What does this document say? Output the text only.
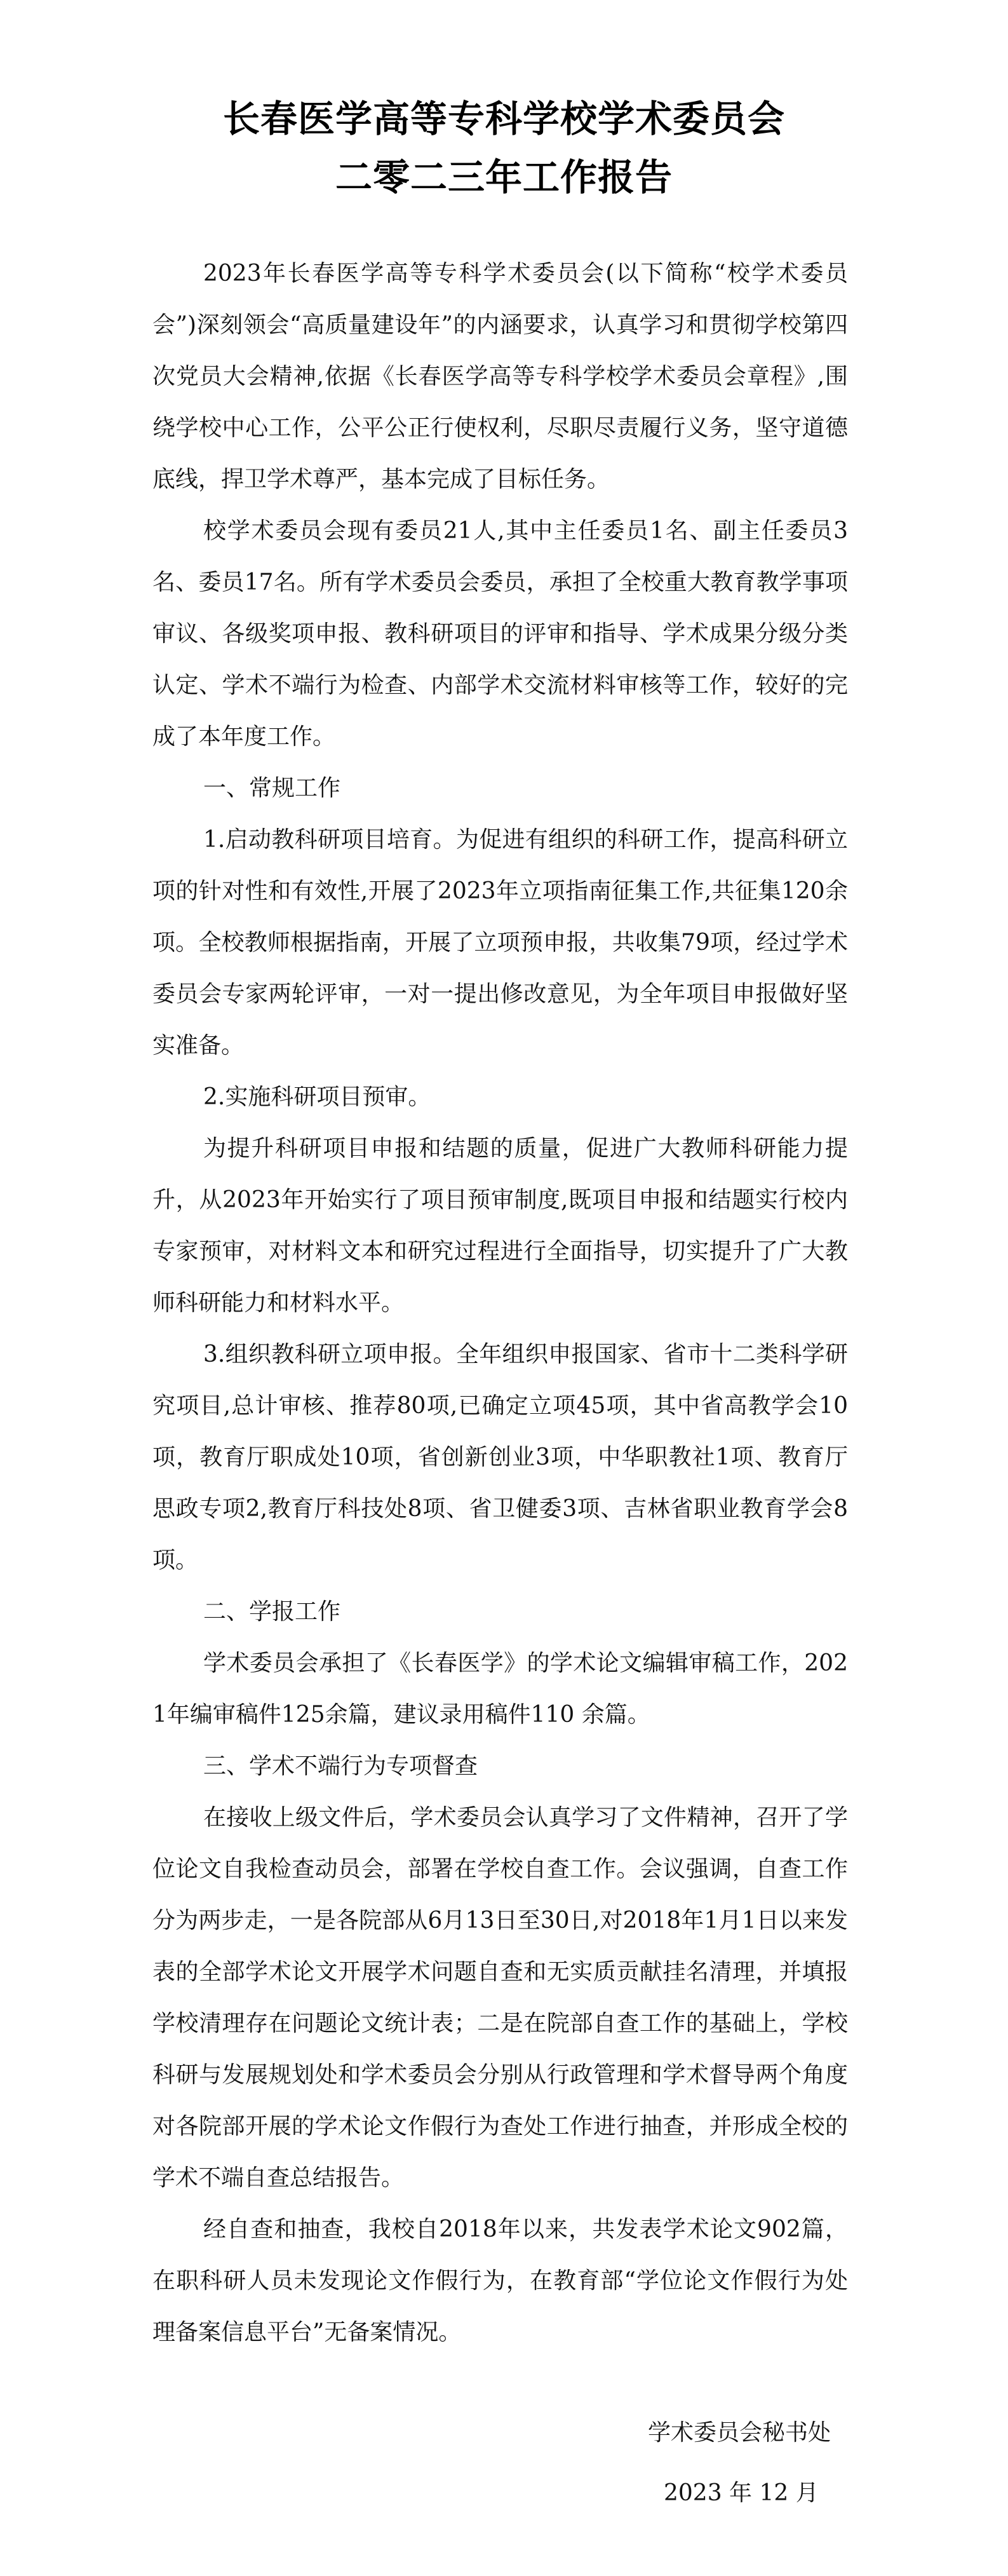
长春医学高等专科学校学术委员会
二零二三年工作报告

2023年长春医学高等专科学术委员会(以下简称“校学术委员会”)深刻领会“高质量建设年”的内涵要求，认真学习和贯彻学校第四次党员大会精神,依据《长春医学高等专科学校学术委员会章程》,围绕学校中心工作，公平公正行使权利，尽职尽责履行义务，坚守道德底线，捍卫学术尊严，基本完成了目标任务。

校学术委员会现有委员21人,其中主任委员1名、副主任委员3名、委员17名。所有学术委员会委员，承担了全校重大教育教学事项审议、各级奖项申报、教科研项目的评审和指导、学术成果分级分类认定、学术不端行为检查、内部学术交流材料审核等工作，较好的完成了本年度工作。

一、常规工作

1.启动教科研项目培育。为促进有组织的科研工作，提高科研立项的针对性和有效性,开展了2023年立项指南征集工作,共征集120余项。全校教师根据指南，开展了立项预申报，共收集79项，经过学术委员会专家两轮评审，一对一提出修改意见，为全年项目申报做好坚实准备。

2.实施科研项目预审。

为提升科研项目申报和结题的质量，促进广大教师科研能力提升，从2023年开始实行了项目预审制度,既项目申报和结题实行校内专家预审，对材料文本和研究过程进行全面指导，切实提升了广大教师科研能力和材料水平。

3.组织教科研立项申报。全年组织申报国家、省市十二类科学研究项目,总计审核、推荐80项,已确定立项45项，其中省高教学会10项，教育厅职成处10项，省创新创业3项，中华职教社1项、教育厅思政专项2,教育厅科技处8项、省卫健委3项、吉林省职业教育学会8项。

二、学报工作

学术委员会承担了《长春医学》的学术论文编辑审稿工作，2021年编审稿件125余篇，建议录用稿件110 余篇。

三、学术不端行为专项督查

在接收上级文件后，学术委员会认真学习了文件精神，召开了学位论文自我检查动员会，部署在学校自查工作。会议强调，自查工作分为两步走，一是各院部从6月13日至30日,对2018年1月1日以来发表的全部学术论文开展学术问题自查和无实质贡献挂名清理，并填报学校清理存在问题论文统计表；二是在院部自查工作的基础上，学校科研与发展规划处和学术委员会分别从行政管理和学术督导两个角度对各院部开展的学术论文作假行为查处工作进行抽查，并形成全校的学术不端自查总结报告。

经自查和抽查，我校自2018年以来，共发表学术论文902篇，在职科研人员未发现论文作假行为，在教育部“学位论文作假行为处理备案信息平台”无备案情况。

学术委员会秘书处
2023 年 12 月
